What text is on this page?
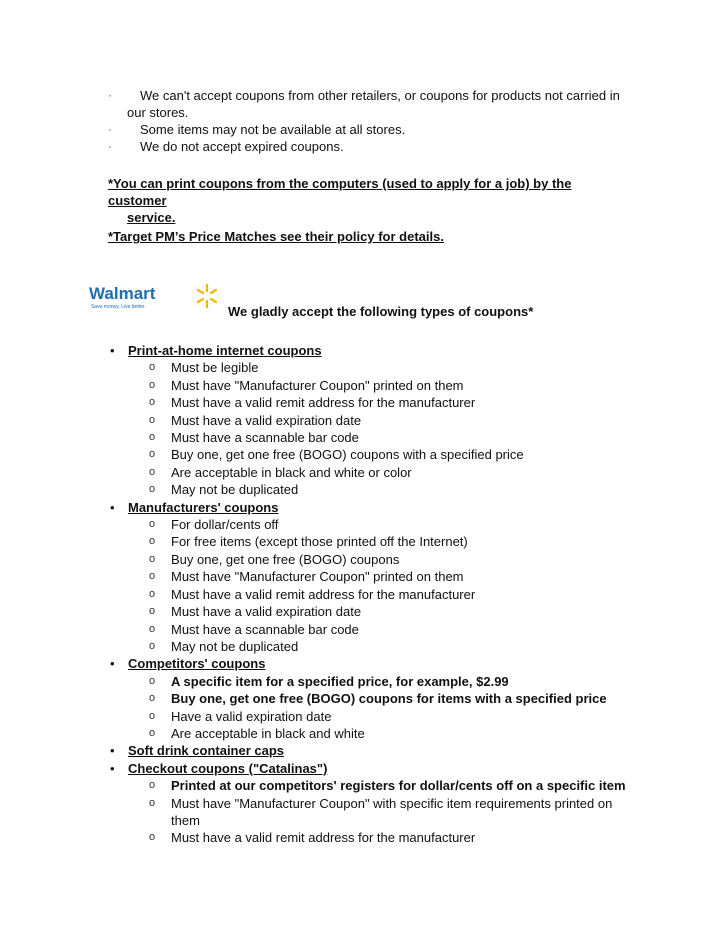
·	We can't accept coupons from other retailers, or coupons for products not carried in
our stores.
·	Some items may not be available at all stores.
·	We do not accept expired coupons.
*You can print coupons from the computers (used to apply for a job) by the customer
service.
*Target PM’s Price Matches see their policy for details.
Walmart
Save money. Live better.	We gladly accept the following types of coupons*
• Print-at-home internet coupons
o Must be legible
o Must have "Manufacturer Coupon" printed on them
o Must have a valid remit address for the manufacturer
o Must have a valid expiration date
o Must have a scannable bar code
o Buy one, get one free (BOGO) coupons with a specified price
o Are acceptable in black and white or color
o May not be duplicated
• Manufacturers' coupons
o For dollar/cents off
o For free items (except those printed off the Internet)
o Buy one, get one free (BOGO) coupons
o Must have "Manufacturer Coupon" printed on them
o Must have a valid remit address for the manufacturer
o Must have a valid expiration date
o Must have a scannable bar code
o May not be duplicated
• Competitors' coupons
o A specific item for a specified price, for example, $2.99
o Buy one, get one free (BOGO) coupons for items with a specified price
o Have a valid expiration date
o Are acceptable in black and white
• Soft drink container caps
• Checkout coupons ("Catalinas")
o Printed at our competitors' registers for dollar/cents off on a specific item
o Must have "Manufacturer Coupon" with specific item requirements printed on
them
o Must have a valid remit address for the manufacturer
